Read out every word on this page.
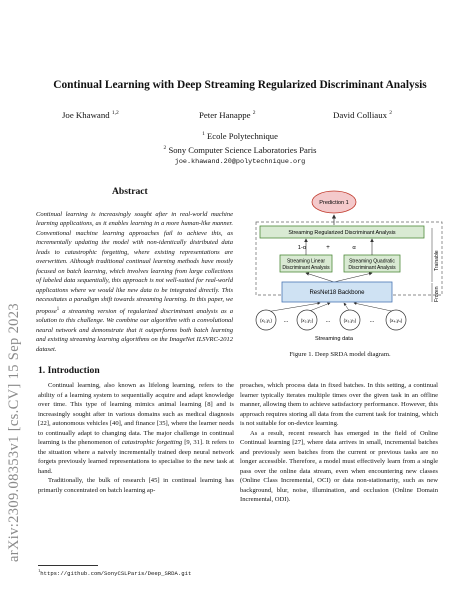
arXiv:2309.08353v1 [cs.CV] 15 Sep 2023
Continual Learning with Deep Streaming Regularized Discriminant Analysis
Joe Khawand $^{1,2}$	Peter Hanappe $^2$	David Colliaux $^2$
$^1$ Ecole Polytechnique
$^2$ Sony Computer Science Laboratories Paris
joe.khawand.20@polytechnique.org
Abstract
Continual learning is increasingly sought after in real-world machine learning applications, as it enables learning in a more human-like manner. Conventional machine learning approaches fail to achieve this, as incrementally updating the model with non-identically distributed data leads to catastrophic forgetting, where existing representations are overwritten. Although traditional continual learning methods have mostly focused on batch learning, which involves learning from large collections of labeled data sequentially, this approach is not well-suited for real-world applications where we would like new data to be integrated directly. This necessitates a paradigm shift towards streaming learning. In this paper, we propose$^1$ a streaming version of regularized discriminant analysis as a solution to this challenge. We combine our algorithm with a convolutional neural network and demonstrate that it outperforms both batch learning and existing streaming learning algorithms on the ImageNet ILSVRC-2012 dataset.
1. Introduction

Continual learning, also known as lifelong learning, refers to the ability of a learning system to sequentially acquire and adapt knowledge over time. This type of learning mimics animal learning [8] and is increasingly sought after in various domains such as medical diagnosis [22], autonomous vehicles [40], and finance [35], where the learner needs to continually adapt to changing data. The major challenge in continual learning is the phenomenon of catastrophic forgetting [9, 31]. It refers to the situation where a naively incrementally trained deep neural network forgets previously learned representations to specialise to the new task at hand.

Traditionally, the bulk of research [45] in continual learning has primarily concentrated on batch learning ap-

$^1$https://github.com/SonyCSLParis/Deep_SRDA.git

proaches, which process data in fixed batches. In this setting, a continual learner typically iterates multiple times over the given task in an offline manner, allowing them to achieve satisfactory performance. However, this approach requires storing all data from the current task for training, which is not suitable for on-device learning.

As a result, recent research has emerged in the field of Online Continual learning [27], where data arrives in small, incremental batches and previously seen batches from the current or previous tasks are no longer accessible. Therefore, a model must effectively learn from a single pass over the online data stream, even when encountering new classes (Online Class Incremental, OCI) or data non-stationarity, such as new background, blur, noise, illumination, and occlusion (Online Domain Incremental, ODI).

Prediction 1
Streaming Regularized Discriminant Analysis
1-α	+	α
Streaming Linear
Discriminant Analysis
Streaming Quadratic
Discriminant Analysis
ResNet18 Backbone
Trainable
Frozen
(x₁,y₁) ...	(x₂,y₂) ...	(x₃,y₃) ...	(x₄,y₄)
Streaming data
Figure 1. Deep SRDA model diagram.
